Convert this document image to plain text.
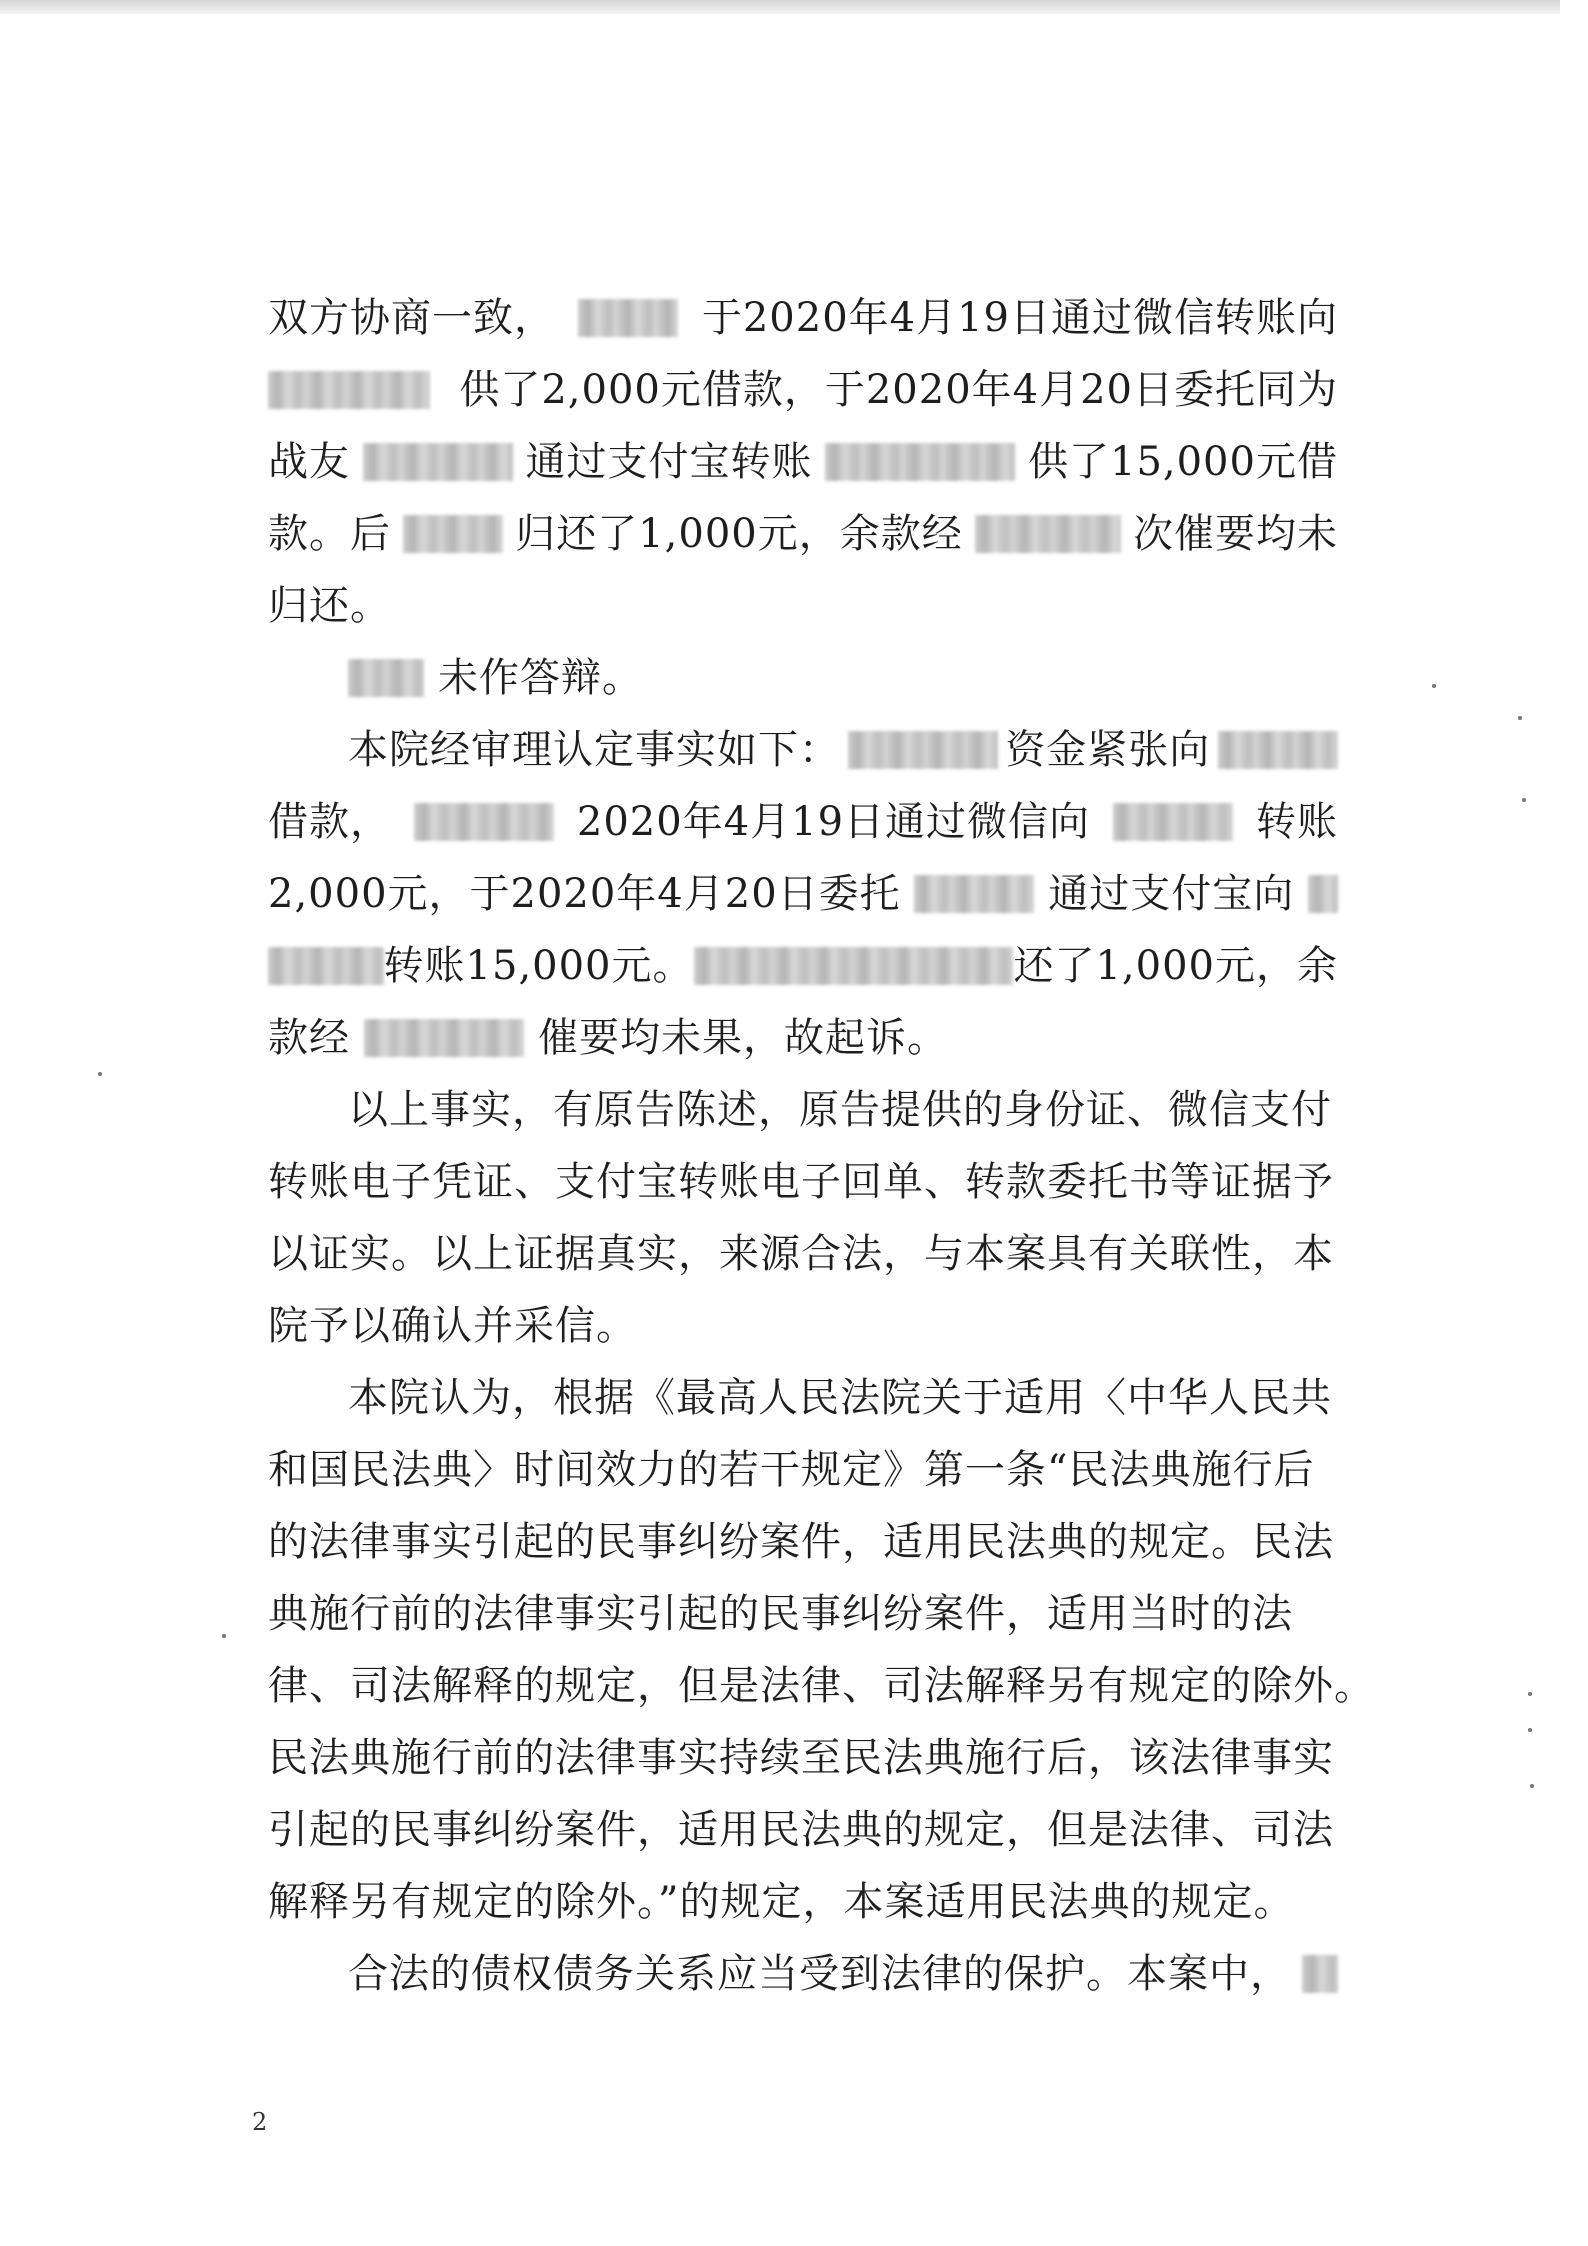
双方协商一致，	于2020年4月19日通过微信转账向
供了2,000元借款，于2020年4月20日委托同为
战友	通过支付宝转账	供了15,000元借
款。后	归还了1,000元，余款经	次催要均未
归还。
未作答辩。
本院经审理认定事实如下：	资金紧张向
借款，	2020年4月19日通过微信向	转账
2,000元，于2020年4月20日委托	通过支付宝向
转账15,000元。	还了1,000元，余
款经	催要均未果，故起诉。
以上事实，有原告陈述，原告提供的身份证、微信支付
转账电子凭证、支付宝转账电子回单、转款委托书等证据予
以证实。以上证据真实，来源合法，与本案具有关联性，本
院予以确认并采信。
本院认为，根据《最高人民法院关于适用〈中华人民共
和国民法典〉时间效力的若干规定》第一条“民法典施行后
的法律事实引起的民事纠纷案件，适用民法典的规定。民法
典施行前的法律事实引起的民事纠纷案件，适用当时的法
律、司法解释的规定，但是法律、司法解释另有规定的除外。
民法典施行前的法律事实持续至民法典施行后，该法律事实
引起的民事纠纷案件，适用民法典的规定，但是法律、司法
解释另有规定的除外。”的规定，本案适用民法典的规定。
合法的债权债务关系应当受到法律的保护。本案中，
2
